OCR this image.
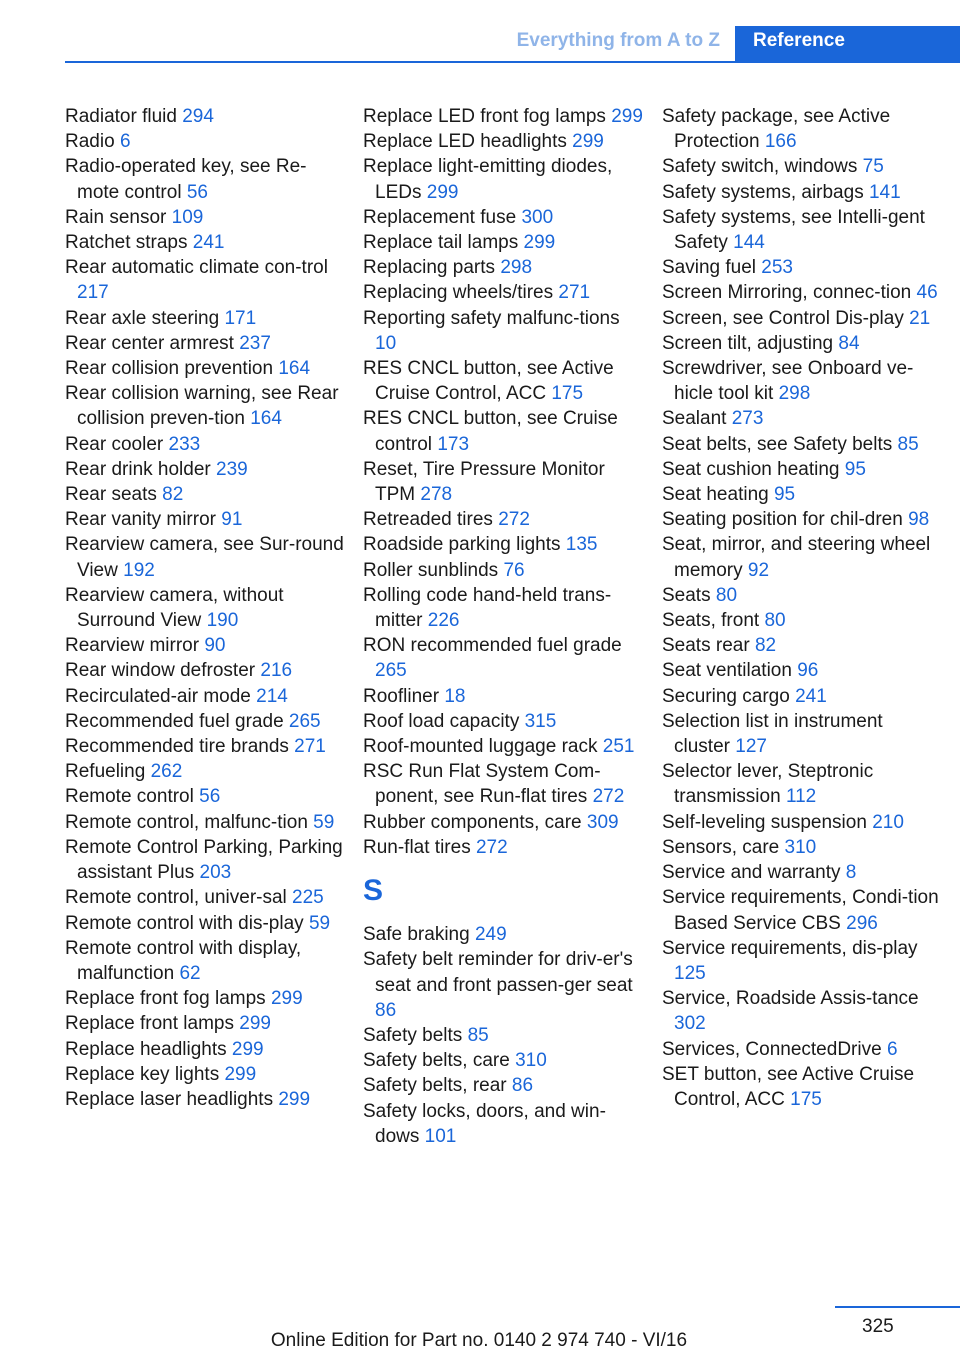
Everything from A to Z	Reference
Radiator fluid 294
Radio 6
Radio-operated key, see Re-mote control 56
Rain sensor 109
Ratchet straps 241
Rear automatic climate con-trol 217
Rear axle steering 171
Rear center armrest 237
Rear collision prevention 164
Rear collision warning, see Rear collision preven-tion 164
Rear cooler 233
Rear drink holder 239
Rear seats 82
Rear vanity mirror 91
Rearview camera, see Sur-round View 192
Rearview camera, without Surround View 190
Rearview mirror 90
Rear window defroster 216
Recirculated-air mode 214
Recommended fuel grade 265
Recommended tire brands 271
Refueling 262
Remote control 56
Remote control, malfunc-tion 59
Remote Control Parking, Parking assistant Plus 203
Remote control, univer-sal 225
Remote control with dis-play 59
Remote control with display, malfunction 62
Replace front fog lamps 299
Replace front lamps 299
Replace headlights 299
Replace key lights 299
Replace laser headlights 299
Replace LED front fog lamps 299
Replace LED headlights 299
Replace light-emitting diodes, LEDs 299
Replacement fuse 300
Replace tail lamps 299
Replacing parts 298
Replacing wheels/tires 271
Reporting safety malfunc-tions 10
RES CNCL button, see Active Cruise Control, ACC 175
RES CNCL button, see Cruise control 173
Reset, Tire Pressure Monitor TPM 278
Retreaded tires 272
Roadside parking lights 135
Roller sunblinds 76
Rolling code hand-held trans-mitter 226
RON recommended fuel grade 265
Roofliner 18
Roof load capacity 315
Roof-mounted luggage rack 251
RSC Run Flat System Com-ponent, see Run-flat tires 272
Rubber components, care 309
Run-flat tires 272
S
Safe braking 249
Safety belt reminder for driv-er's seat and front passen-ger seat 86
Safety belts 85
Safety belts, care 310
Safety belts, rear 86
Safety locks, doors, and win-dows 101
Safety package, see Active Protection 166
Safety switch, windows 75
Safety systems, airbags 141
Safety systems, see Intelli-gent Safety 144
Saving fuel 253
Screen Mirroring, connec-tion 46
Screen, see Control Dis-play 21
Screen tilt, adjusting 84
Screwdriver, see Onboard ve-hicle tool kit 298
Sealant 273
Seat belts, see Safety belts 85
Seat cushion heating 95
Seat heating 95
Seating position for chil-dren 98
Seat, mirror, and steering wheel memory 92
Seats 80
Seats, front 80
Seats rear 82
Seat ventilation 96
Securing cargo 241
Selection list in instrument cluster 127
Selector lever, Steptronic transmission 112
Self-leveling suspension 210
Sensors, care 310
Service and warranty 8
Service requirements, Condi-tion Based Service CBS 296
Service requirements, dis-play 125
Service, Roadside Assis-tance 302
Services, ConnectedDrive 6
SET button, see Active Cruise Control, ACC 175
325
Online Edition for Part no. 0140 2 974 740 - VI/16
